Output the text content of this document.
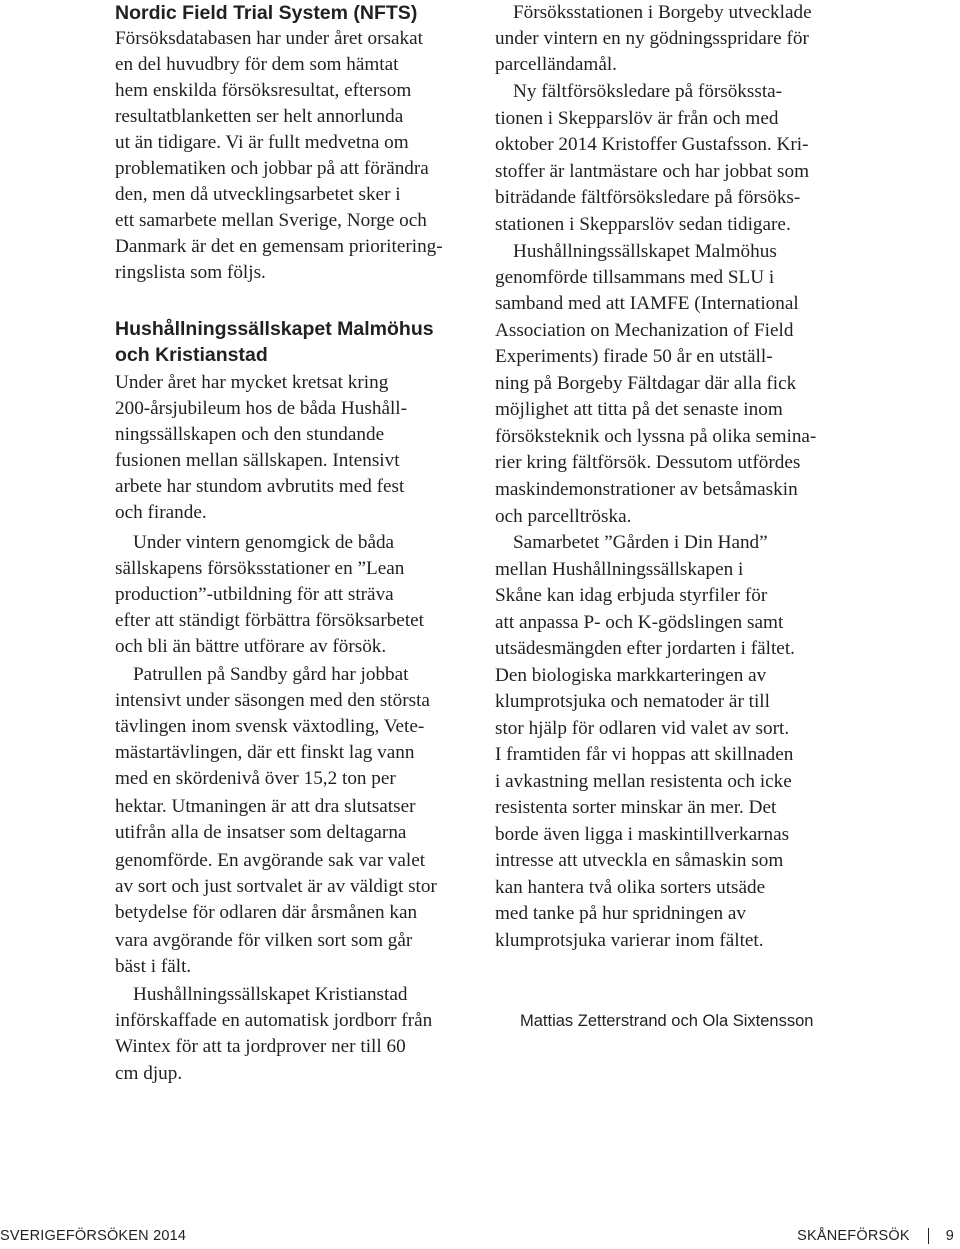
Nordic Field Trial System (NFTS)
Försöksdatabasen har under året orsakat
en del huvudbry för dem som hämtat
hem enskilda försöksresultat, eftersom
resultatblanketten ser helt annorlunda
ut än tidigare. Vi är fullt medvetna om
problematiken och jobbar på att förändra
den, men då utvecklingsarbetet sker i
ett samarbete mellan Sverige, Norge och
Danmark är det en gemensam prioritering-
ringslista som följs.
Hushållningssällskapet Malmöhus
och Kristianstad
Under året har mycket kretsat kring
200-årsjubileum hos de båda Hushåll-
ningssällskapen och den stundande
fusionen mellan sällskapen. Intensivt
arbete har stundom avbrutits med fest
och firande.
Under vintern genomgick de båda
sällskapens försöksstationer en ”Lean
production”-utbildning för att sträva
efter att ständigt förbättra försöksarbetet
och bli än bättre utförare av försök.
Patrullen på Sandby gård har jobbat
intensivt under säsongen med den största
tävlingen inom svensk växtodling, Vete-
mästartävlingen, där ett finskt lag vann
med en skördenivå över 15,2 ton per
hektar. Utmaningen är att dra slutsatser
utifrån alla de insatser som deltagarna
genomförde. En avgörande sak var valet
av sort och just sortvalet är av väldigt stor
betydelse för odlaren där årsmånen kan
vara avgörande för vilken sort som går
bäst i fält.
Hushållningssällskapet Kristianstad
införskaffade en automatisk jordborr från
Wintex för att ta jordprover ner till 60
cm djup.
Försöksstationen i Borgeby utvecklade
under vintern en ny gödningsspridare för
parcelländamål.
Ny fältförsöksledare på försöksstа-
tionen i Skepparslöv är från och med
oktober 2014 Kristoffer Gustafsson. Kri-
stoffer är lantmästare och har jobbat som
biträdande fältförsöksledare på försöks-
stationen i Skepparslöv sedan tidigare.
Hushållningssällskapet Malmöhus
genomförde tillsammans med SLU i
samband med att IAMFE (International
Association on Mechanization of Field
Experiments) firade 50 år en utställ-
ning på Borgeby Fältdagar där alla fick
möjlighet att titta på det senaste inom
försöksteknik och lyssna på olika semina-
rier kring fältförsök. Dessutom utfördes
maskindemonstrationer av betsåmaskin
och parcelltröska.
Samarbetet ”Gården i Din Hand”
mellan Hushållningssällskapen i
Skåne kan idag erbjuda styrfiler för
att anpassa P- och K-gödslingen samt
utsädesmängden efter jordarten i fältet.
Den biologiska markkarteringen av
klumprotsjuka och nematoder är till
stor hjälp för odlaren vid valet av sort.
I framtiden får vi hoppas att skillnaden
i avkastning mellan resistenta och icke
resistenta sorter minskar än mer. Det
borde även ligga i maskintillverkarnas
intresse att utveckla en såmaskin som
kan hantera två olika sorters utsäde
med tanke på hur spridningen av
klumprotsjuka varierar inom fältet.
Mattias Zetterstrand och Ola Sixtensson
SVERIGEFÖRSÖKEN 2014	SKÅNEFÖRSÖK 9
